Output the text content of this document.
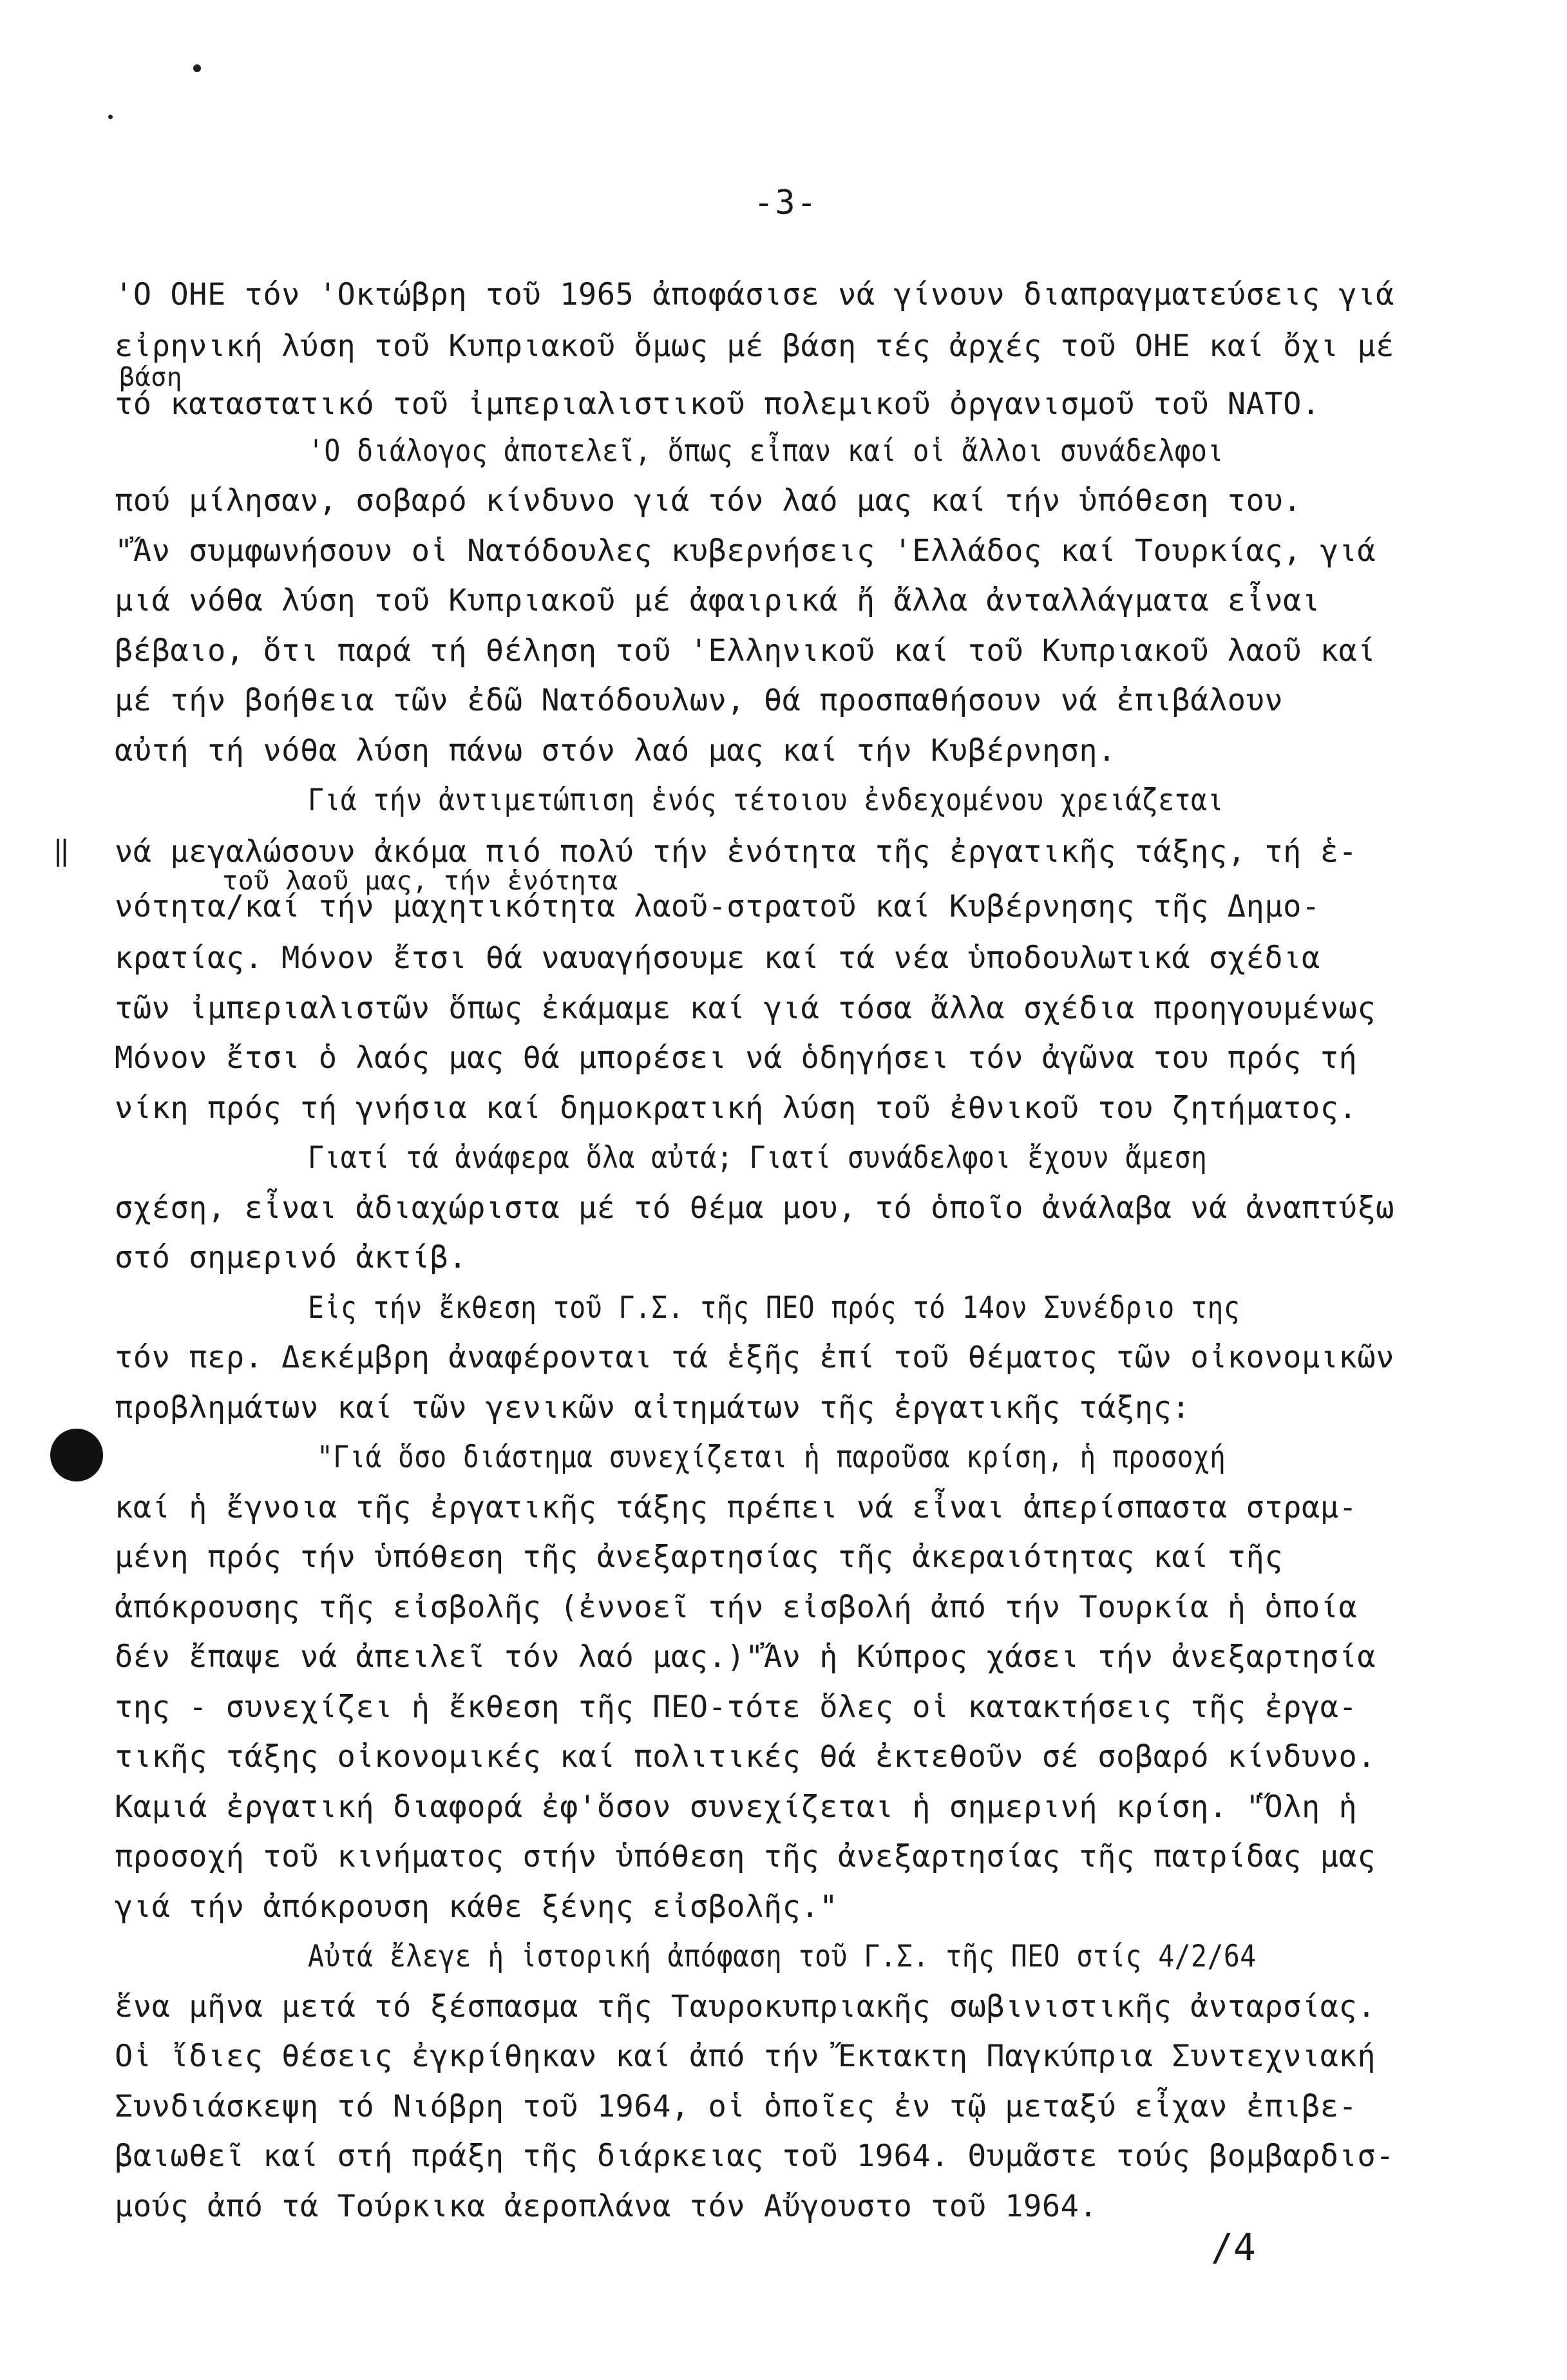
-3-
'Ο ΟΗΕ τόν 'Οκτώβρη τοῦ 1965 ἀποφάσισε νά γίνουν διαπραγματεύσεις γιά
εἰρηνική λύση τοῦ Κυπριακοῦ ὅμως μέ βάση τές ἀρχές τοῦ ΟΗΕ καί ὄχι μέ
βάση
τό καταστατικό τοῦ ἰμπεριαλιστικοῦ πολεμικοῦ ὀργανισμοῦ τοῦ ΝΑΤΟ.
'Ο διάλογος ἀποτελεῖ, ὅπως εἶπαν καί οἱ ἄλλοι συνάδελφοι
πού μίλησαν, σοβαρό κίνδυνο γιά τόν λαό μας καί τήν ὑπόθεση του.
"Ἄν συμφωνήσουν οἱ Νατόδουλες κυβερνήσεις 'Ελλάδος καί Τουρκίας, γιά
μιά νόθα λύση τοῦ Κυπριακοῦ μέ ἀφαιρικά ἤ ἄλλα ἀνταλλάγματα εἶναι
βέβαιο, ὅτι παρά τή θέληση τοῦ 'Ελληνικοῦ καί τοῦ Κυπριακοῦ λαοῦ καί
μέ τήν βοήθεια τῶν ἐδῶ Νατόδουλων, θά προσπαθήσουν νά ἐπιβάλουν
αὐτή τή νόθα λύση πάνω στόν λαό μας καί τήν Κυβέρνηση.
Γιά τήν ἀντιμετώπιση ἑνός τέτοιου ἐνδεχομένου χρειάζεται
‖ νά μεγαλώσουν ἀκόμα πιό πολύ τήν ἑνότητα τῆς ἐργατικῆς τάξης, τή ἑ-
τοῦ λαοῦ μας, τήν ἑνότητα
νότητα/καί τήν μαχητικότητα λαοῦ-στρατοῦ καί Κυβέρνησης τῆς Δημο-
κρατίας. Μόνον ἔτσι θά ναυαγήσουμε καί τά νέα ὑποδουλωτικά σχέδια
τῶν ἰμπεριαλιστῶν ὅπως ἐκάμαμε καί γιά τόσα ἄλλα σχέδια προηγουμένως
Μόνον ἔτσι ὁ λαός μας θά μπορέσει νά ὁδηγήσει τόν ἀγῶνα του πρός τή
νίκη πρός τή γνήσια καί δημοκρατική λύση τοῦ ἐθνικοῦ του ζητήματος.
Γιατί τά ἀνάφερα ὅλα αὐτά; Γιατί συνάδελφοι ἔχουν ἄμεση
σχέση, εἶναι ἀδιαχώριστα μέ τό θέμα μου, τό ὁποῖο ἀνάλαβα νά ἀναπτύξω
στό σημερινό ἀκτίβ.
Εἰς τήν ἔκθεση τοῦ Γ.Σ. τῆς ΠΕΟ πρός τό 14ον Συνέδριο της
τόν περ. Δεκέμβρη ἀναφέρονται τά ἑξῆς ἐπί τοῦ θέματος τῶν οἰκονομικῶν
προβλημάτων καί τῶν γενικῶν αἰτημάτων τῆς ἐργατικῆς τάξης:
"Γιά ὅσο διάστημα συνεχίζεται ἡ παροῦσα κρίση, ἡ προσοχή
καί ἡ ἔγνοια τῆς ἐργατικῆς τάξης πρέπει νά εἶναι ἀπερίσπαστα στραμ-
μένη πρός τήν ὑπόθεση τῆς ἀνεξαρτησίας τῆς ἀκεραιότητας καί τῆς
ἀπόκρουσης τῆς εἰσβολῆς (ἐννοεῖ τήν εἰσβολή ἀπό τήν Τουρκία ἡ ὁποία
δέν ἔπαψε νά ἀπειλεῖ τόν λαό μας.)"Ἄν ἡ Κύπρος χάσει τήν ἀνεξαρτησία
της - συνεχίζει ἡ ἔκθεση τῆς ΠΕΟ-τότε ὅλες οἱ κατακτήσεις τῆς ἐργα-
τικῆς τάξης οἰκονομικές καί πολιτικές θά ἐκτεθοῦν σέ σοβαρό κίνδυνο.
Καμιά ἐργατική διαφορά ἐφ'ὅσον συνεχίζεται ἡ σημερινή κρίση. "Ὅλη ἡ
προσοχή τοῦ κινήματος στήν ὑπόθεση τῆς ἀνεξαρτησίας τῆς πατρίδας μας
γιά τήν ἀπόκρουση κάθε ξένης εἰσβολῆς."
Αὐτά ἔλεγε ἡ ἱστορική ἀπόφαση τοῦ Γ.Σ. τῆς ΠΕΟ στίς 4/2/64
ἕνα μῆνα μετά τό ξέσπασμα τῆς Ταυροκυπριακῆς σωβινιστικῆς ἀνταρσίας.
Οἱ ἴδιες θέσεις ἐγκρίθηκαν καί ἀπό τήν Ἔκτακτη Παγκύπρια Συντεχνιακή
Συνδιάσκεψη τό Νιόβρη τοῦ 1964, οἱ ὁποῖες ἐν τῷ μεταξύ εἶχαν ἐπιβε-
βαιωθεῖ καί στή πράξη τῆς διάρκειας τοῦ 1964. Θυμᾶστε τούς βομβαρδισ-
μούς ἀπό τά Τούρκικα ἀεροπλάνα τόν Αὔγουστο τοῦ 1964.
/4
